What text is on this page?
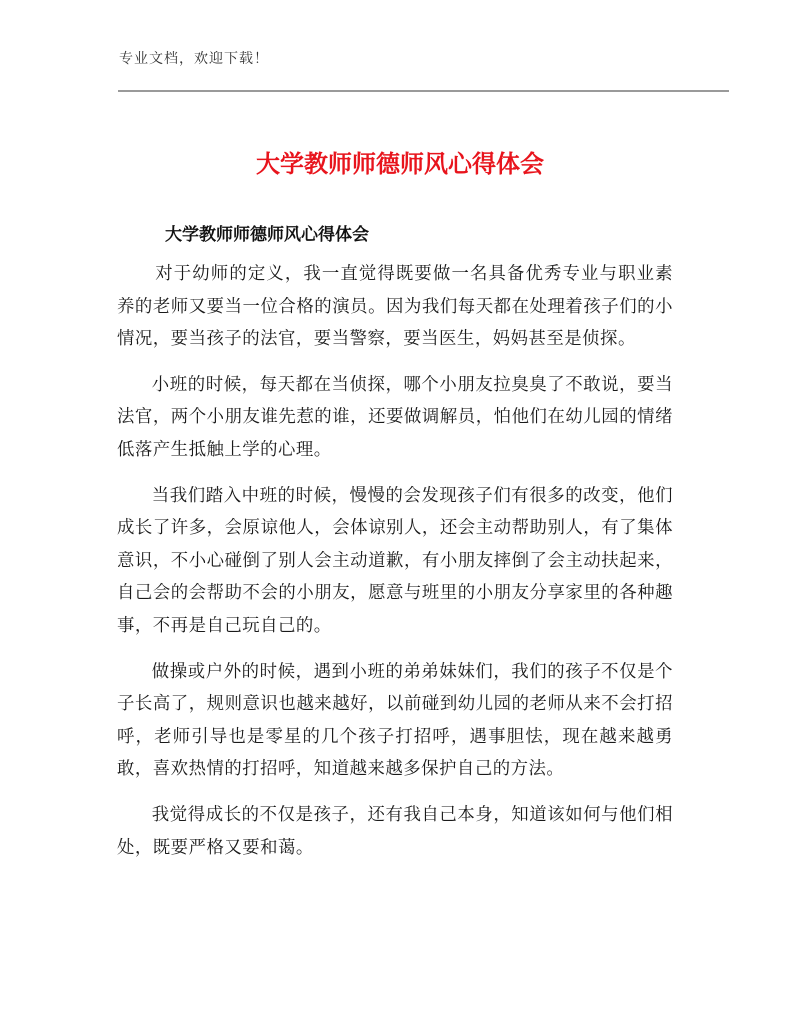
专业文档，欢迎下载！
大学教师师德师风心得体会
大学教师师德师风心得体会

对于幼师的定义，我一直觉得既要做一名具备优秀专业与职业素养的老师又要当一位合格的演员。因为我们每天都在处理着孩子们的小情况，要当孩子的法官，要当警察，要当医生，妈妈甚至是侦探。

小班的时候，每天都在当侦探，哪个小朋友拉臭臭了不敢说，要当法官，两个小朋友谁先惹的谁，还要做调解员，怕他们在幼儿园的情绪低落产生抵触上学的心理。

当我们踏入中班的时候，慢慢的会发现孩子们有很多的改变，他们成长了许多，会原谅他人，会体谅别人，还会主动帮助别人，有了集体意识，不小心碰倒了别人会主动道歉，有小朋友摔倒了会主动扶起来，自己会的会帮助不会的小朋友，愿意与班里的小朋友分享家里的各种趣事，不再是自己玩自己的。

做操或户外的时候，遇到小班的弟弟妹妹们，我们的孩子不仅是个子长高了，规则意识也越来越好，以前碰到幼儿园的老师从来不会打招呼，老师引导也是零星的几个孩子打招呼，遇事胆怯，现在越来越勇敢，喜欢热情的打招呼，知道越来越多保护自己的方法。

我觉得成长的不仅是孩子，还有我自己本身，知道该如何与他们相处，既要严格又要和蔼。
